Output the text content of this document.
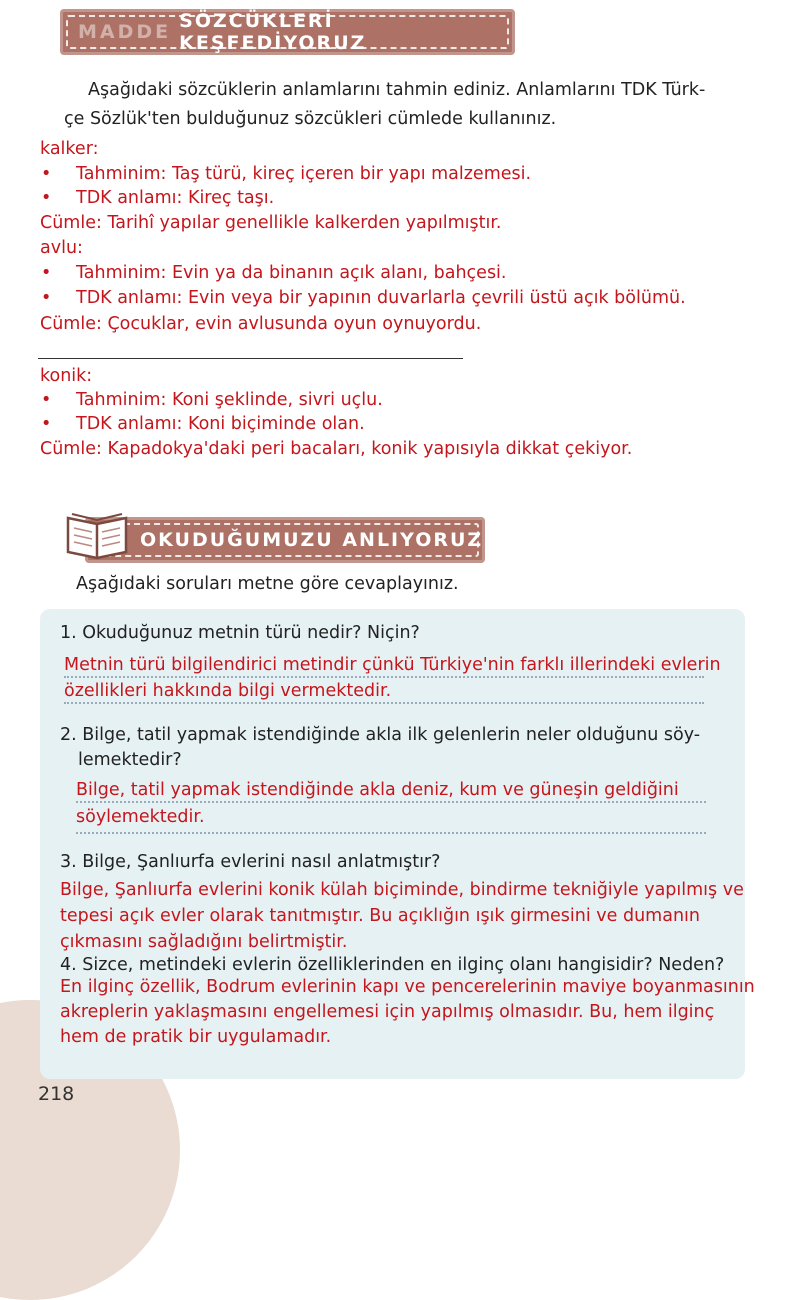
MADDE SÖZCÜKLERİ KEŞFEDİYORUZ
Aşağıdaki sözcüklerin anlamlarını tahmin ediniz. Anlamlarını TDK Türk-
çe Sözlük'ten bulduğunuz sözcükleri cümlede kullanınız.
kalker:
• Tahminim: Taş türü, kireç içeren bir yapı malzemesi.
• TDK anlamı: Kireç taşı.
Cümle: Tarihî yapılar genellikle kalkerden yapılmıştır.
avlu:
• Tahminim: Evin ya da binanın açık alanı, bahçesi.
• TDK anlamı: Evin veya bir yapının duvarlarla çevrili üstü açık bölümü.
Cümle: Çocuklar, evin avlusunda oyun oynuyordu.
konik:
• Tahminim: Koni şeklinde, sivri uçlu.
• TDK anlamı: Koni biçiminde olan.
Cümle: Kapadokya'daki peri bacaları, konik yapısıyla dikkat çekiyor.
OKUDUĞUMUZU ANLIYORUZ
Aşağıdaki soruları metne göre cevaplayınız.
1. Okuduğunuz metnin türü nedir? Niçin?
Metnin türü bilgilendirici metindir çünkü Türkiye'nin farklı illerindeki evlerin
özellikleri hakkında bilgi vermektedir.
2. Bilge, tatil yapmak istendiğinde akla ilk gelenlerin neler olduğunu söy-
lemektedir?
Bilge, tatil yapmak istendiğinde akla deniz, kum ve güneşin geldiğini
söylemektedir.
3. Bilge, Şanlıurfa evlerini nasıl anlatmıştır?
Bilge, Şanlıurfa evlerini konik külah biçiminde, bindirme tekniğiyle yapılmış ve
tepesi açık evler olarak tanıtmıştır. Bu açıklığın ışık girmesini ve dumanın
çıkmasını sağladığını belirtmiştir.
4. Sizce, metindeki evlerin özelliklerinden en ilginç olanı hangisidir? Neden?
En ilginç özellik, Bodrum evlerinin kapı ve pencerelerinin maviye boyanmasının
akreplerin yaklaşmasını engellemesi için yapılmış olmasıdır. Bu, hem ilginç
hem de pratik bir uygulamadır.
218
